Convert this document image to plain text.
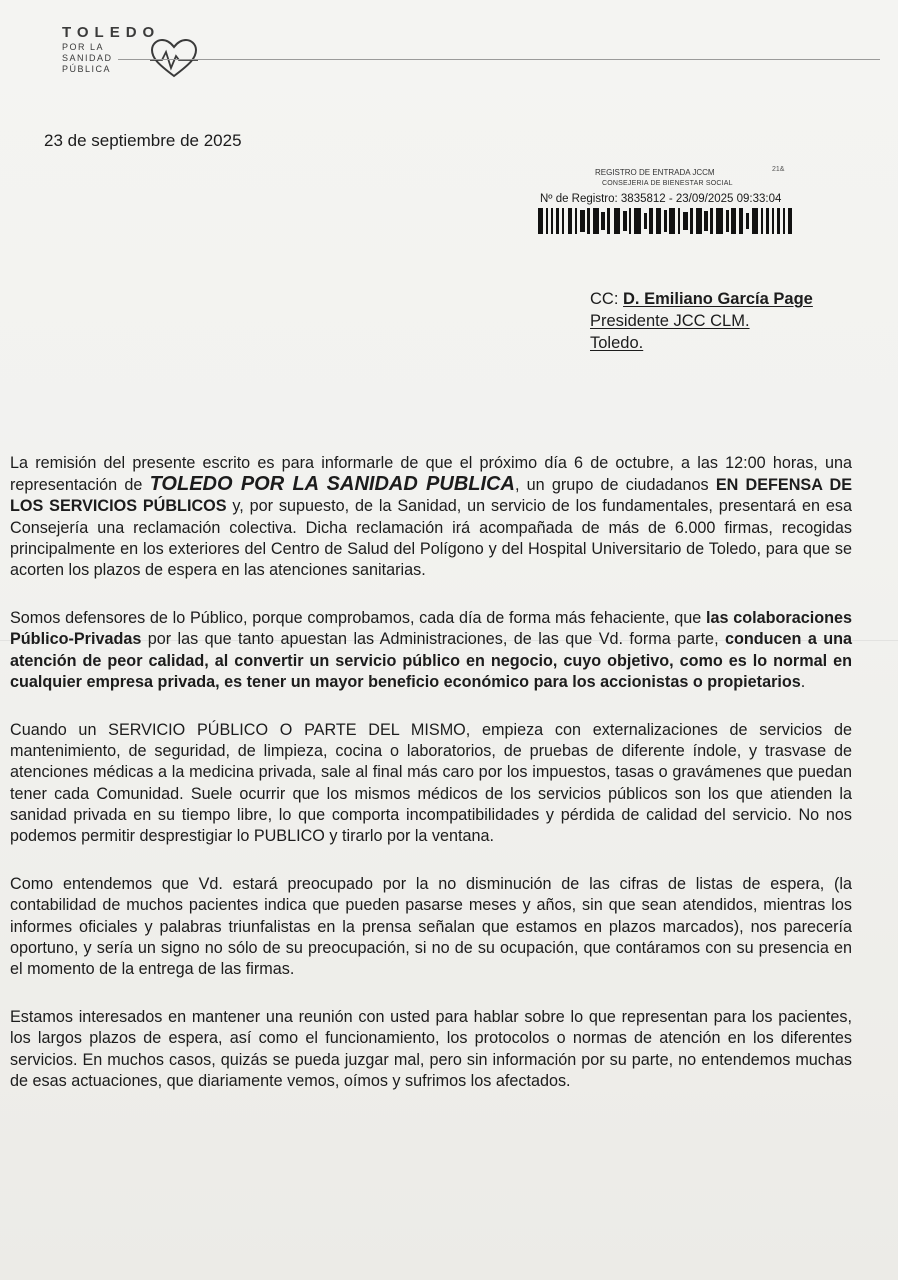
TOLEDO
POR LA
SANIDAD
PÚBLICA
23 de septiembre de 2025
REGISTRO DE ENTRADA JCCM	21&
CONSEJERIA DE BIENESTAR SOCIAL
Nº de Registro: 3835812 - 23/09/2025 09:33:04
CC: D. Emiliano García Page
Presidente JCC CLM.
Toledo.

La remisión del presente escrito es para informarle de que el próximo día 6 de octubre, a las 12:00 horas, una representación de TOLEDO POR LA SANIDAD PUBLICA, un grupo de ciudadanos EN DEFENSA DE LOS SERVICIOS PÚBLICOS y, por supuesto, de la Sanidad, un servicio de los fundamentales, presentará en esa Consejería una reclamación colectiva. Dicha reclamación irá acompañada de más de 6.000 firmas, recogidas principalmente en los exteriores del Centro de Salud del Polígono y del Hospital Universitario de Toledo, para que se acorten los plazos de espera en las atenciones sanitarias.

Somos defensores de lo Público, porque comprobamos, cada día de forma más fehaciente, que las colaboraciones Público-Privadas por las que tanto apuestan las Administraciones, de las que Vd. forma parte, conducen a una atención de peor calidad, al convertir un servicio público en negocio, cuyo objetivo, como es lo normal en cualquier empresa privada, es tener un mayor beneficio económico para los accionistas o propietarios.

Cuando un SERVICIO PÚBLICO O PARTE DEL MISMO, empieza con externalizaciones de servicios de mantenimiento, de seguridad, de limpieza, cocina o laboratorios, de pruebas de diferente índole, y trasvase de atenciones médicas a la medicina privada, sale al final más caro por los impuestos, tasas o gravámenes que puedan tener cada Comunidad. Suele ocurrir que los mismos médicos de los servicios públicos son los que atienden la sanidad privada en su tiempo libre, lo que comporta incompatibilidades y pérdida de calidad del servicio. No nos podemos permitir desprestigiar lo PUBLICO y tirarlo por la ventana.

Como entendemos que Vd. estará preocupado por la no disminución de las cifras de listas de espera, (la contabilidad de muchos pacientes indica que pueden pasarse meses y años, sin que sean atendidos, mientras los informes oficiales y palabras triunfalistas en la prensa señalan que estamos en plazos marcados), nos parecería oportuno, y sería un signo no sólo de su preocupación, si no de su ocupación, que contáramos con su presencia en el momento de la entrega de las firmas.

Estamos interesados en mantener una reunión con usted para hablar sobre lo que representan para los pacientes, los largos plazos de espera, así como el funcionamiento, los protocolos o normas de atención en los diferentes servicios. En muchos casos, quizás se pueda juzgar mal, pero sin información por su parte, no entendemos muchas de esas actuaciones, que diariamente vemos, oímos y sufrimos los afectados.
